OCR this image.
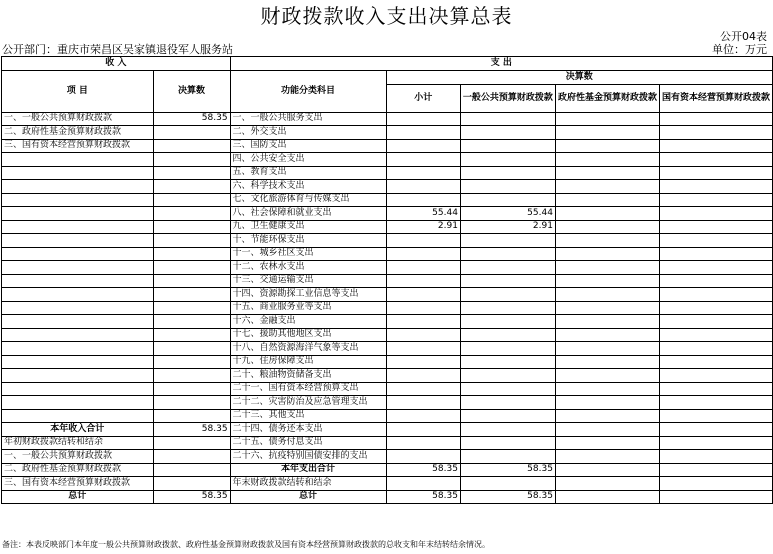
财政拨款收入支出决算总表
公开04表
公开部门：重庆市荣昌区吴家镇退役军人服务站	单位：万元
收 入		支 出				
项 目	决算数	功能分类科目	决算数			
			小计	一般公共预算财政拨款	政府性基金预算财政拨款	国有资本经营预算财政拨款

一、一般公共预算财政拨款	58.35	一、一般公共服务支出				
二、政府性基金预算财政拨款		二、外交支出				
三、国有资本经营预算财政拨款		三、国防支出				
		四、公共安全支出				
		五、教育支出				
		六、科学技术支出				
		七、文化旅游体育与传媒支出				
		八、社会保障和就业支出	55.44	55.44		
		九、卫生健康支出	2.91	2.91		
		十、节能环保支出				
		十一、城乡社区支出				
		十二、农林水支出				
		十三、交通运输支出				
		十四、资源勘探工业信息等支出				
		十五、商业服务业等支出				
		十六、金融支出				
		十七、援助其他地区支出				
		十八、自然资源海洋气象等支出				
		十九、住房保障支出				
		二十、粮油物资储备支出				
		二十一、国有资本经营预算支出				
		二十二、灾害防治及应急管理支出				
		二十三、其他支出				
本年收入合计	58.35	二十四、债务还本支出				
年初财政拨款结转和结余		二十五、债务付息支出				
一、一般公共预算财政拨款		二十六、抗疫特别国债安排的支出				
二、政府性基金预算财政拨款		本年支出合计	58.35	58.35		
三、国有资本经营预算财政拨款		年末财政拨款结转和结余				
总计	58.35	总计	58.35	58.35		
备注：本表反映部门本年度一般公共预算财政拨款、政府性基金预算财政拨款及国有资本经营预算财政拨款的总收支和年末结转结余情况。
